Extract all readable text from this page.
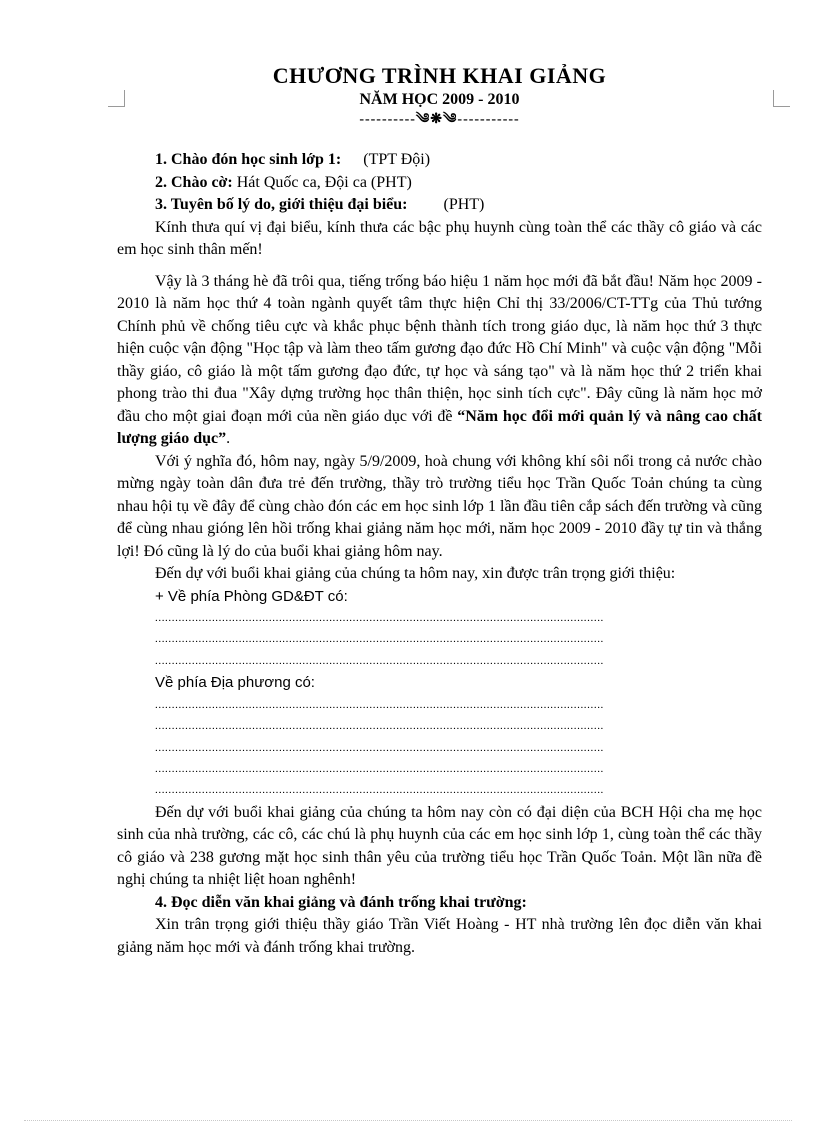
CHƯƠNG TRÌNH KHAI GIẢNG
NĂM HỌC 2009 - 2010
----------༄❋༄-----------
1. Chào đón học sinh lớp 1: (TPT Đội)
2. Chào cờ: Hát Quốc ca, Đội ca (PHT)
3. Tuyên bố lý do, giới thiệu đại biểu: (PHT)

Kính thưa quí vị đại biểu, kính thưa các bậc phụ huynh cùng toàn thể các thầy cô giáo và các em học sinh thân mến!

Vậy là 3 tháng hè đã trôi qua, tiếng trống báo hiệu 1 năm học mới đã bắt đầu! Năm học 2009 - 2010 là năm học thứ 4 toàn ngành quyết tâm thực hiện Chỉ thị 33/2006/CT-TTg của Thủ tướng Chính phủ về chống tiêu cực và khắc phục bệnh thành tích trong giáo dục, là năm học thứ 3 thực hiện cuộc vận động "Học tập và làm theo tấm gương đạo đức Hồ Chí Minh" và cuộc vận động "Mỗi thầy giáo, cô giáo là một tấm gương đạo đức, tự học và sáng tạo" và là năm học thứ 2 triển khai phong trào thi đua "Xây dựng trường học thân thiện, học sinh tích cực". Đây cũng là năm học mở đầu cho một giai đoạn mới của nền giáo dục với đề “Năm học đổi mới quản lý và nâng cao chất lượng giáo dục”.

Với ý nghĩa đó, hôm nay, ngày 5/9/2009, hoà chung với không khí sôi nổi trong cả nước chào mừng ngày toàn dân đưa trẻ đến trường, thầy trò trường tiểu học Trần Quốc Toản chúng ta cùng nhau hội tụ về đây để cùng chào đón các em học sinh lớp 1 lần đầu tiên cắp sách đến trường và cũng để cùng nhau gióng lên hồi trống khai giảng năm học mới, năm học 2009 - 2010 đầy tự tin và thắng lợi! Đó cũng là lý do của buổi khai giảng hôm nay.

Đến dự với buổi khai giảng của chúng ta hôm nay, xin được trân trọng giới thiệu:

+ Về phía Phòng GD&ĐT có:
......................................................................................................................................
......................................................................................................................................
......................................................................................................................................
Về phía Địa phương có:
......................................................................................................................................
......................................................................................................................................
......................................................................................................................................
......................................................................................................................................
......................................................................................................................................

Đến dự với buổi khai giảng của chúng ta hôm nay còn có đại diện của BCH Hội cha mẹ học sinh của nhà trường, các cô, các chú là phụ huynh của các em học sinh lớp 1, cùng toàn thể các thầy cô giáo và 238 gương mặt học sinh thân yêu của trường tiểu học Trần Quốc Toản. Một lần nữa đề nghị chúng ta nhiệt liệt hoan nghênh!

4. Đọc diễn văn khai giảng và đánh trống khai trường:

Xin trân trọng giới thiệu thầy giáo Trần Viết Hoàng - HT nhà trường lên đọc diễn văn khai giảng năm học mới và đánh trống khai trường.
